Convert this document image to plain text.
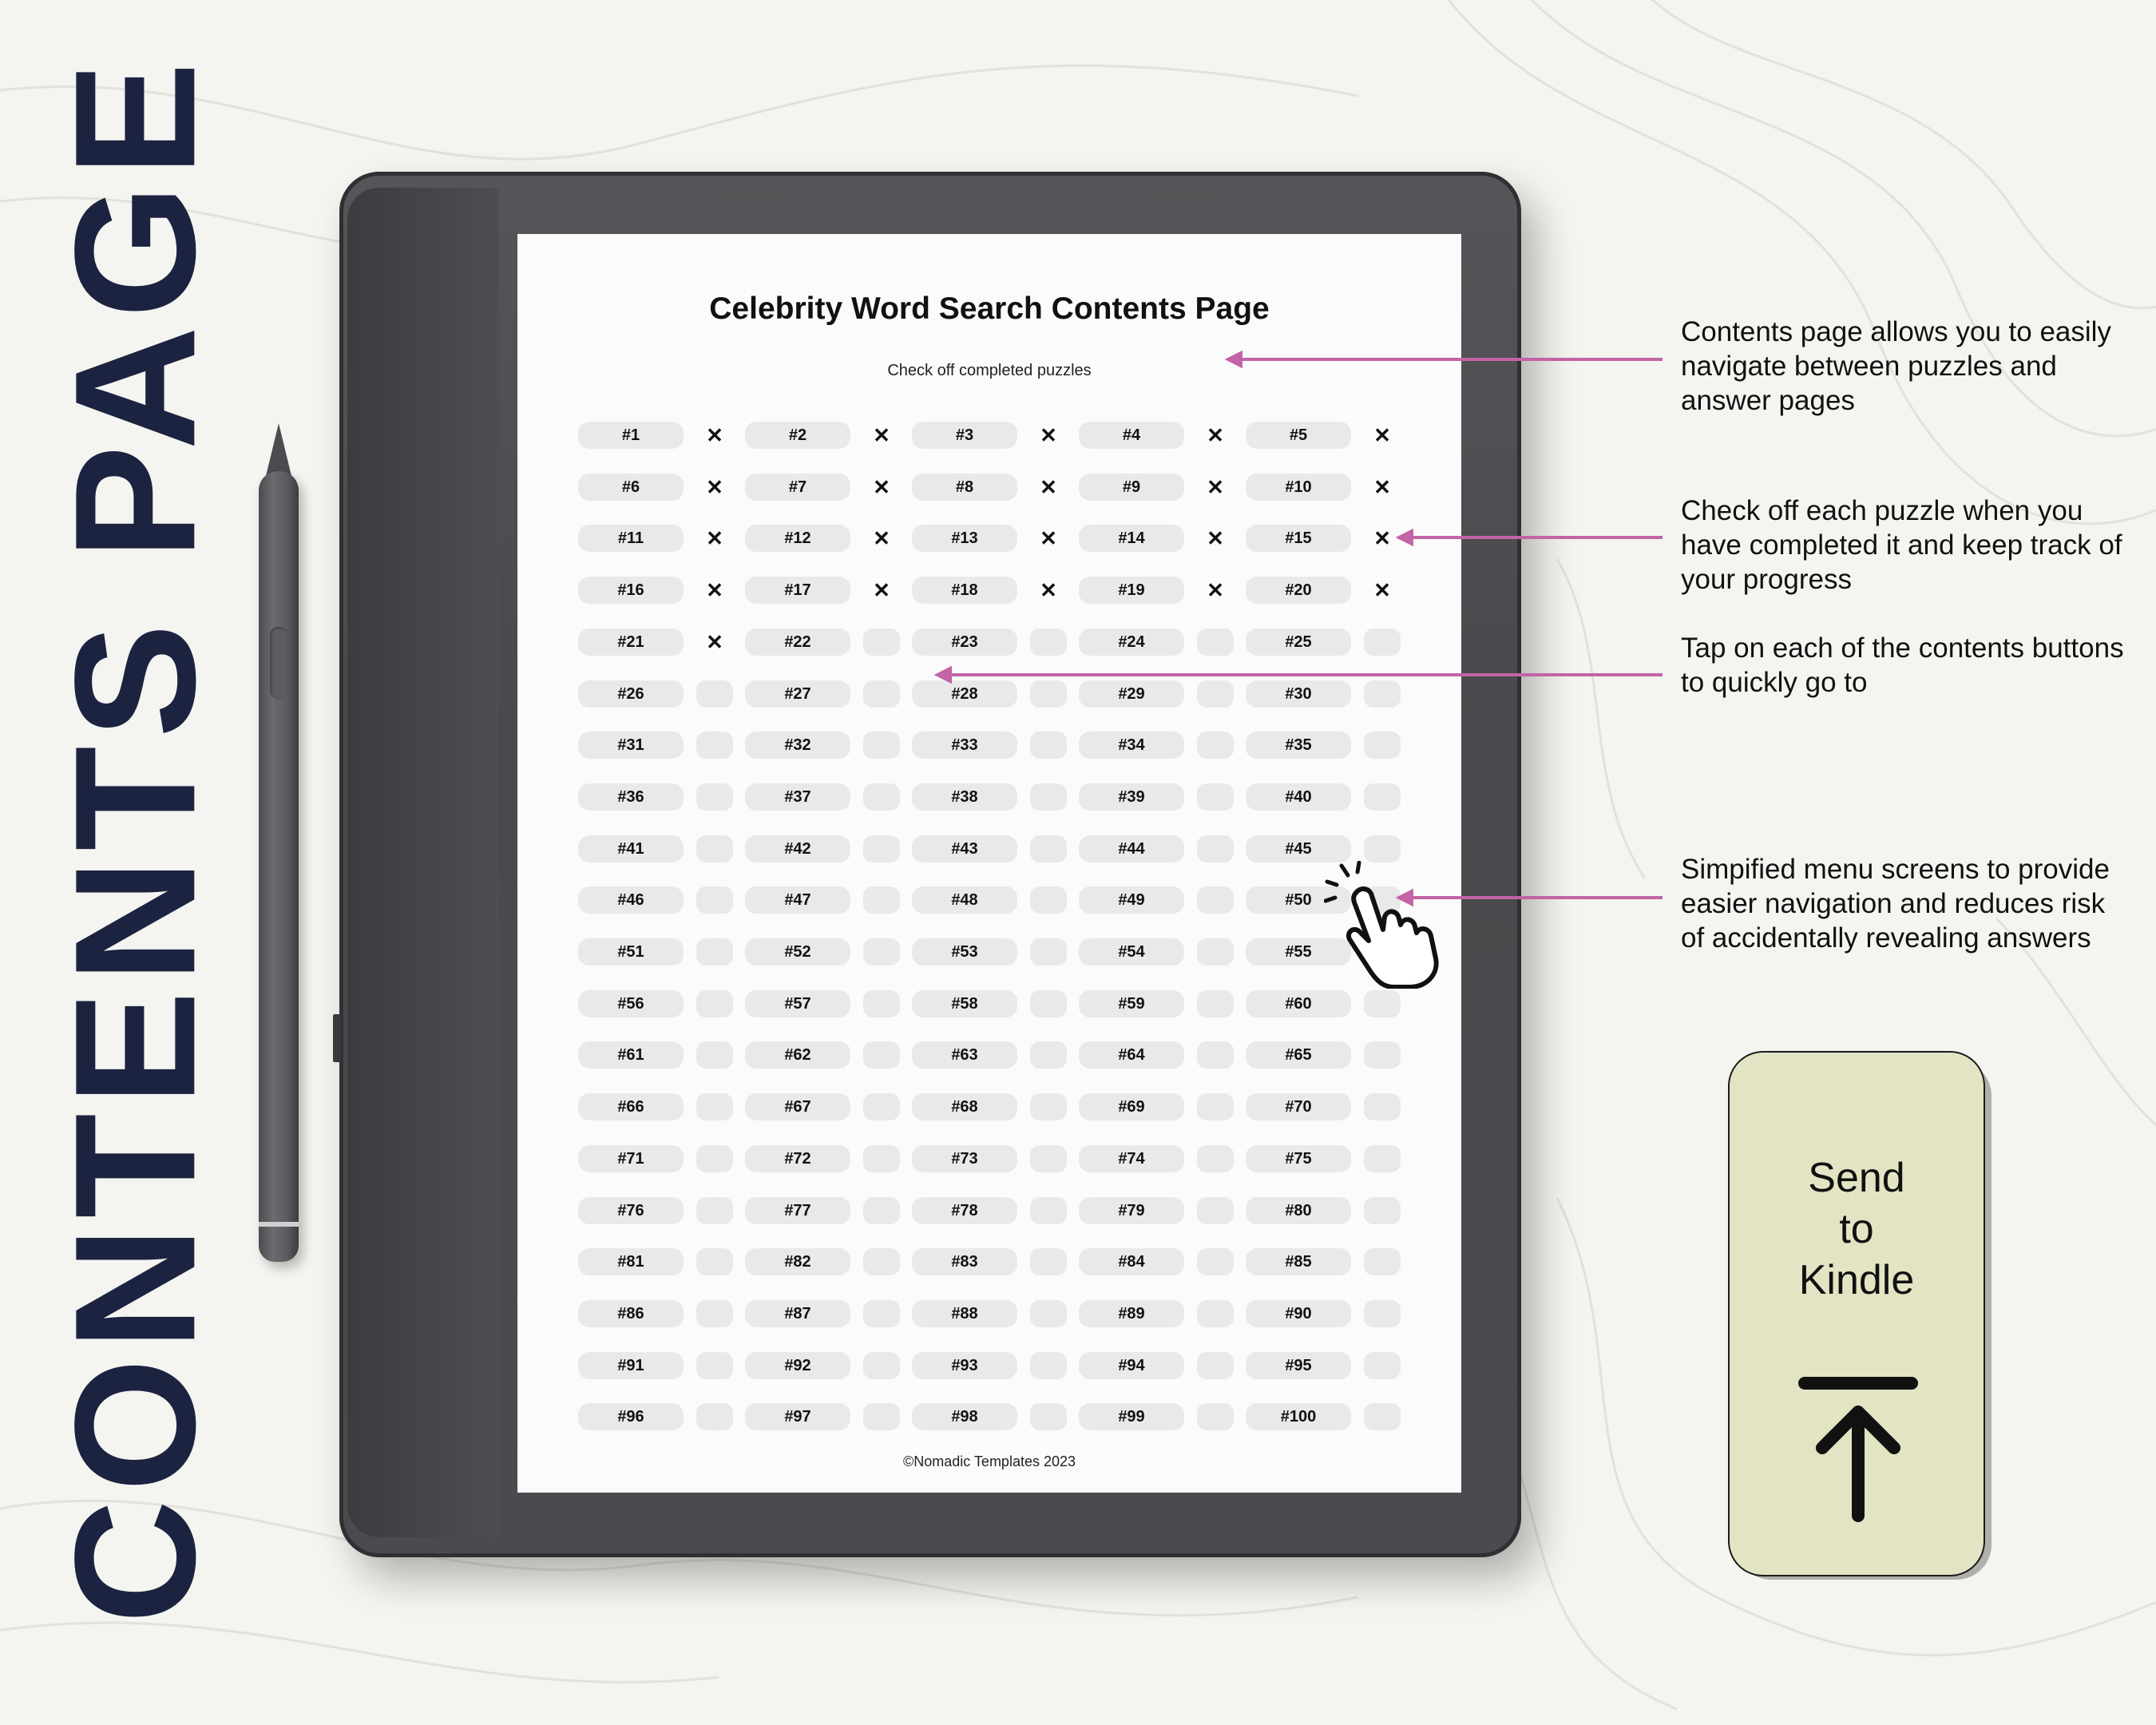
CONTENTS PAGE	Celebrity Word Search Contents Page
Check off completed puzzles
#1	✕	#2	✕	#3	✕	#4	✕	#5	✕
#6	✕	#7	✕	#8	✕	#9	✕	#10	✕
#11	✕	#12	✕	#13	✕	#14	✕	#15	✕
#16	✕	#17	✕	#18	✕	#19	✕	#20	✕
#21	✕	#22	#23	#24	#25
#26	#27	#28	#29	#30
#31	#32	#33	#34	#35
#36	#37	#38	#39	#40
#41	#42	#43	#44	#45
#46	#47	#48	#49	#50
#51	#52	#53	#54	#55
#56	#57	#58	#59	#60
#61	#62	#63	#64	#65
#66	#67	#68	#69	#70
#71	#72	#73	#74	#75
#76	#77	#78	#79	#80
#81	#82	#83	#84	#85
#86	#87	#88	#89	#90
#91	#92	#93	#94	#95
#96	#97	#98	#99	#100
©Nomadic Templates 2023
Contents page allows you to easily navigate between puzzles and answer pages
Check off each puzzle when you have completed it and keep track of your progress
Tap on each of the contents buttons to quickly go to
Simpified menu screens to provide easier navigation and reduces risk of accidentally revealing answers
Send
to
Kindle
